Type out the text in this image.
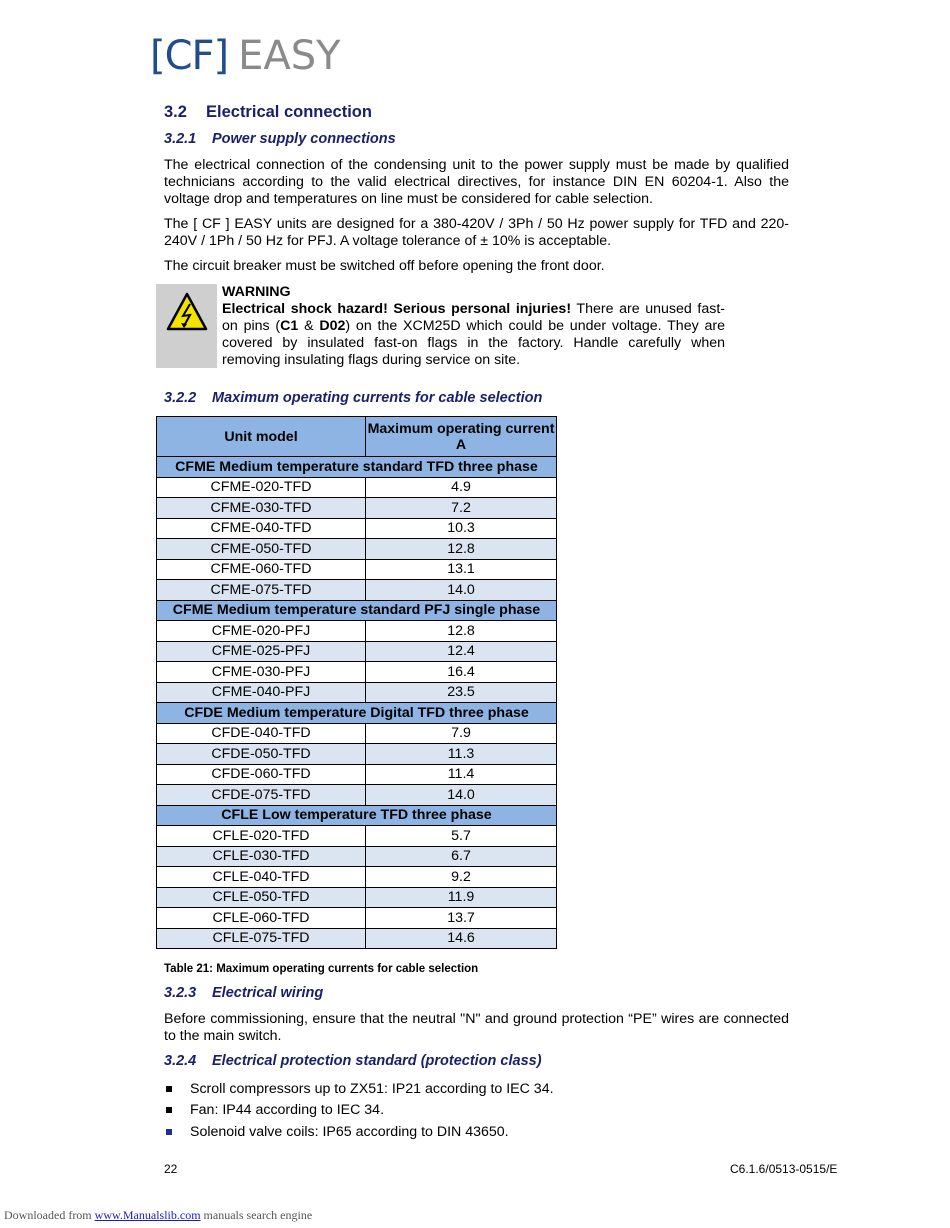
[CF] EASY
3.2 Electrical connection
3.2.1 Power supply connections

The electrical connection of the condensing unit to the power supply must be made by qualified technicians according to the valid electrical directives, for instance DIN EN 60204-1. Also the voltage drop and temperatures on line must be considered for cable selection.

The [ CF ] EASY units are designed for a 380-420V / 3Ph / 50 Hz power supply for TFD and 220-240V / 1Ph / 50 Hz for PFJ. A voltage tolerance of ± 10% is acceptable.

The circuit breaker must be switched off before opening the front door.

WARNING
Electrical shock hazard! Serious personal injuries! There are unused fast-on pins (C1 & D02) on the XCM25D which could be under voltage. They are covered by insulated fast-on flags in the factory. Handle carefully when removing insulating flags during service on site.
3.2.2 Maximum operating currents for cable selection
Unit model	Maximum operating current A
CFME Medium temperature standard TFD three phase	
CFME-020-TFD	4.9
CFME-030-TFD	7.2
CFME-040-TFD	10.3
CFME-050-TFD	12.8
CFME-060-TFD	13.1
CFME-075-TFD	14.0
CFME Medium temperature standard PFJ single phase	
CFME-020-PFJ	12.8
CFME-025-PFJ	12.4
CFME-030-PFJ	16.4
CFME-040-PFJ	23.5
CFDE Medium temperature Digital TFD three phase	
CFDE-040-TFD	7.9
CFDE-050-TFD	11.3
CFDE-060-TFD	11.4
CFDE-075-TFD	14.0
CFLE Low temperature TFD three phase	
CFLE-020-TFD	5.7
CFLE-030-TFD	6.7
CFLE-040-TFD	9.2
CFLE-050-TFD	11.9
CFLE-060-TFD	13.7
CFLE-075-TFD	14.6
Table 21: Maximum operating currents for cable selection
3.2.3 Electrical wiring

Before commissioning, ensure that the neutral "N" and ground protection “PE” wires are connected to the main switch.

3.2.4 Electrical protection standard (protection class)
Scroll compressors up to ZX51: IP21 according to IEC 34.
Fan: IP44 according to IEC 34.
Solenoid valve coils: IP65 according to DIN 43650.
22	C6.1.6/0513-0515/E
Downloaded from www.Manualslib.com manuals search engine
